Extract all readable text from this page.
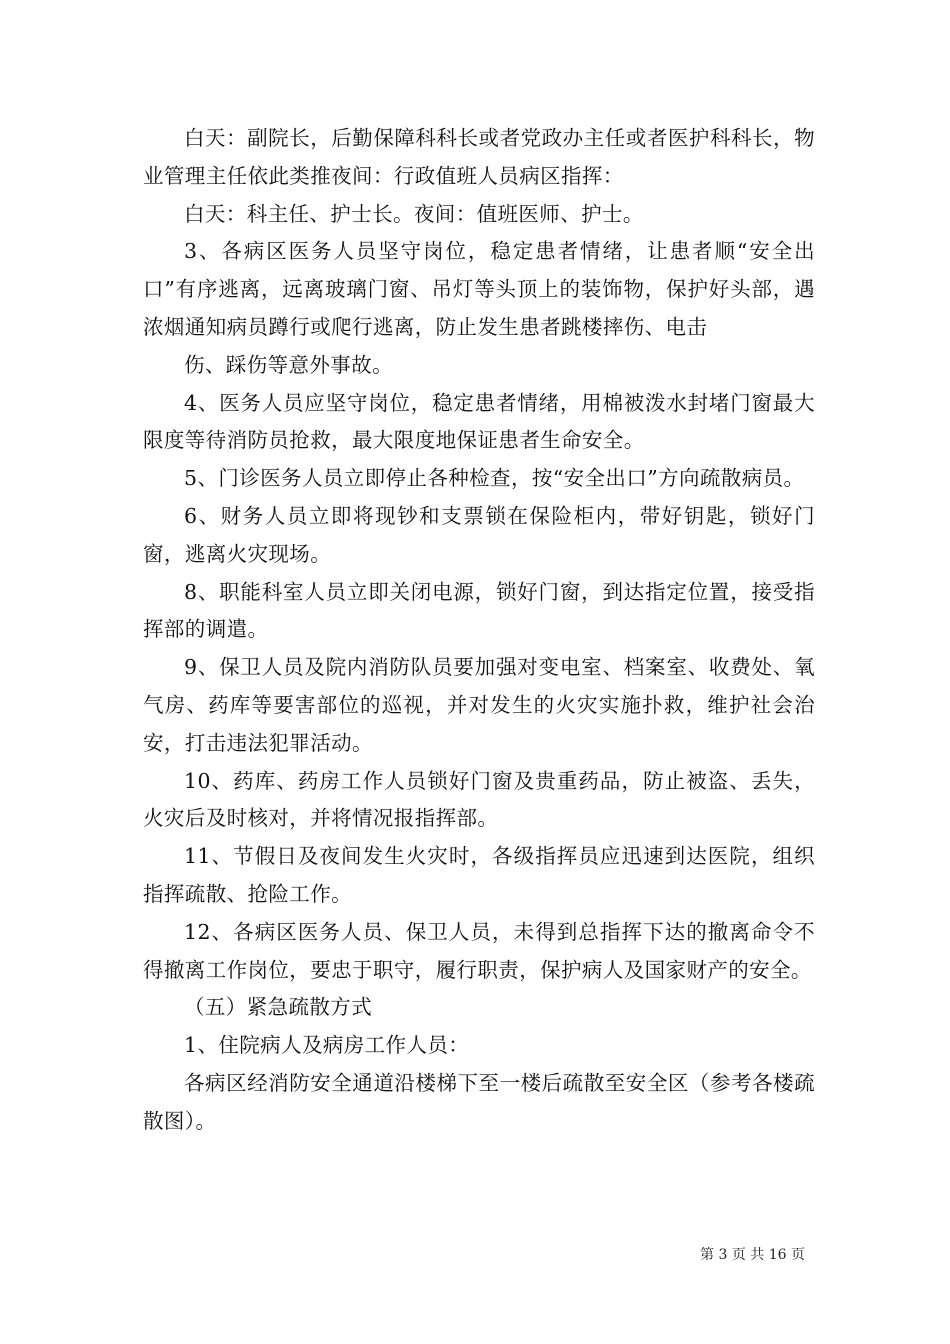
白天：副院长，后勤保障科科长或者党政办主任或者医护科科长，物业管理主任依此类推夜间：行政值班人员病区指挥：

白天：科主任、护士长。夜间：值班医师、护士。

3、各病区医务人员坚守岗位，稳定患者情绪，让患者顺“安全出口”有序逃离，远离玻璃门窗、吊灯等头顶上的装饰物，保护好头部，遇浓烟通知病员蹲行或爬行逃离，防止发生患者跳楼摔伤、电击

伤、踩伤等意外事故。

4、医务人员应坚守岗位，稳定患者情绪，用棉被泼水封堵门窗最大限度等待消防员抢救，最大限度地保证患者生命安全。

5、门诊医务人员立即停止各种检查，按“安全出口”方向疏散病员。

6、财务人员立即将现钞和支票锁在保险柜内，带好钥匙，锁好门窗，逃离火灾现场。

8、职能科室人员立即关闭电源，锁好门窗，到达指定位置，接受指挥部的调遣。

9、保卫人员及院内消防队员要加强对变电室、档案室、收费处、氧气房、药库等要害部位的巡视，并对发生的火灾实施扑救，维护社会治安，打击违法犯罪活动。

10、药库、药房工作人员锁好门窗及贵重药品，防止被盗、丢失，火灾后及时核对，并将情况报指挥部。

11、节假日及夜间发生火灾时，各级指挥员应迅速到达医院，组织指挥疏散、抢险工作。

12、各病区医务人员、保卫人员，未得到总指挥下达的撤离命令不得撤离工作岗位，要忠于职守，履行职责，保护病人及国家财产的安全。

（五）紧急疏散方式

1、住院病人及病房工作人员：

各病区经消防安全通道沿楼梯下至一楼后疏散至安全区（参考各楼疏散图）。

第 3 页 共 16 页
